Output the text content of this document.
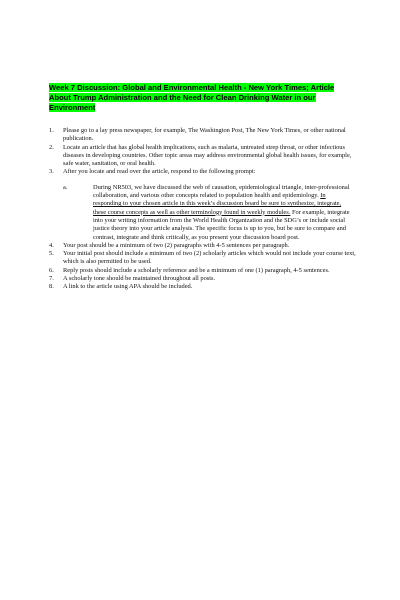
Week 7 Discussion: Global and Environmental Health - New York Times; Article About Trump Administration and the Need for Clean Drinking Water in our Environment
1. Please go to a lay press newspaper, for example, The Washington Post, The New York Times, or other national publication.
2. Locate an article that has global health implications, such as malaria, untreated strep throat, or other infectious diseases in developing countries. Other topic areas may address environmental global health issues, for example, safe water, sanitation, or oral health.
3. After you locate and read over the article, respond to the following prompt:
a.	During NR503, we have discussed the web of causation, epidemiological triangle, inter-professional collaboration, and various other concepts related to population health and epidemiology. In responding to your chosen article in this week’s discussion board be sure to synthesize, integrate, these course concepts as well as other terminology found in weekly modules. For example, integrate into your writing information from the World Health Organization and the SDG’s or include social justice theory into your article analysis. The specific focus is up to you, but be sure to compare and contrast, integrate and think critically, as you present your discussion board post.
4. Your post should be a minimum of two (2) paragraphs with 4-5 sentences per paragraph.
5. Your initial post should include a minimum of two (2) scholarly articles which would not include your course text, which is also permitted to be used.
6. Reply posts should include a scholarly reference and be a minimum of one (1) paragraph, 4-5 sentences.
7. A scholarly tone should be maintained throughout all posts.
8. A link to the article using APA should be included.
